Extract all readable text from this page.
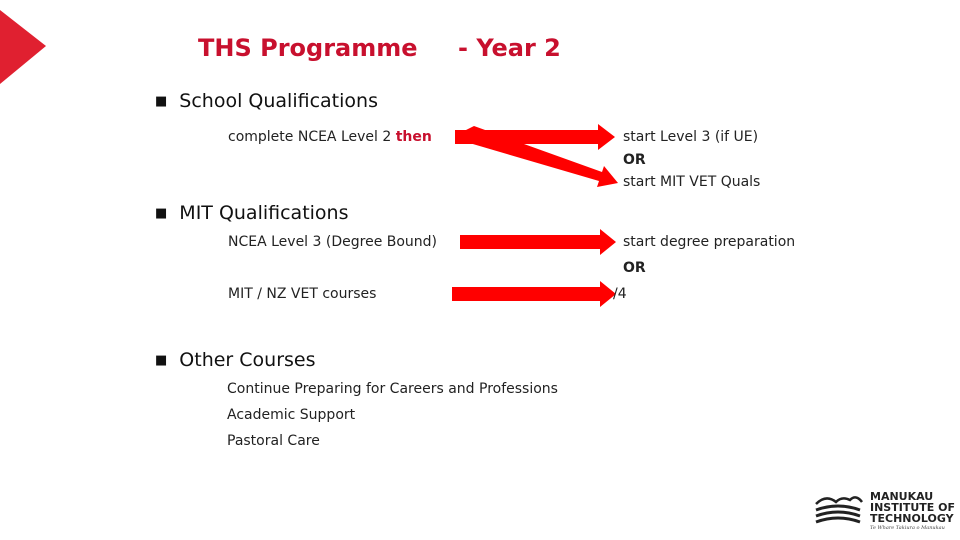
THS Programme - Year 2
■ School Qualifications
complete NCEA Level 2 then	start Level 3 (if UE)
OR
start MIT VET Quals
■ MIT Qualifications
NCEA Level 3 (Degree Bound)
MIT / NZ VET courses
start degree preparation
OR
/4
■ Other Courses
Continue Preparing for Careers and Professions
Academic Support
Pastoral Care
MANUKAU
INSTITUTE OF
TECHNOLOGY
Te Whare Takiura o Manukau
